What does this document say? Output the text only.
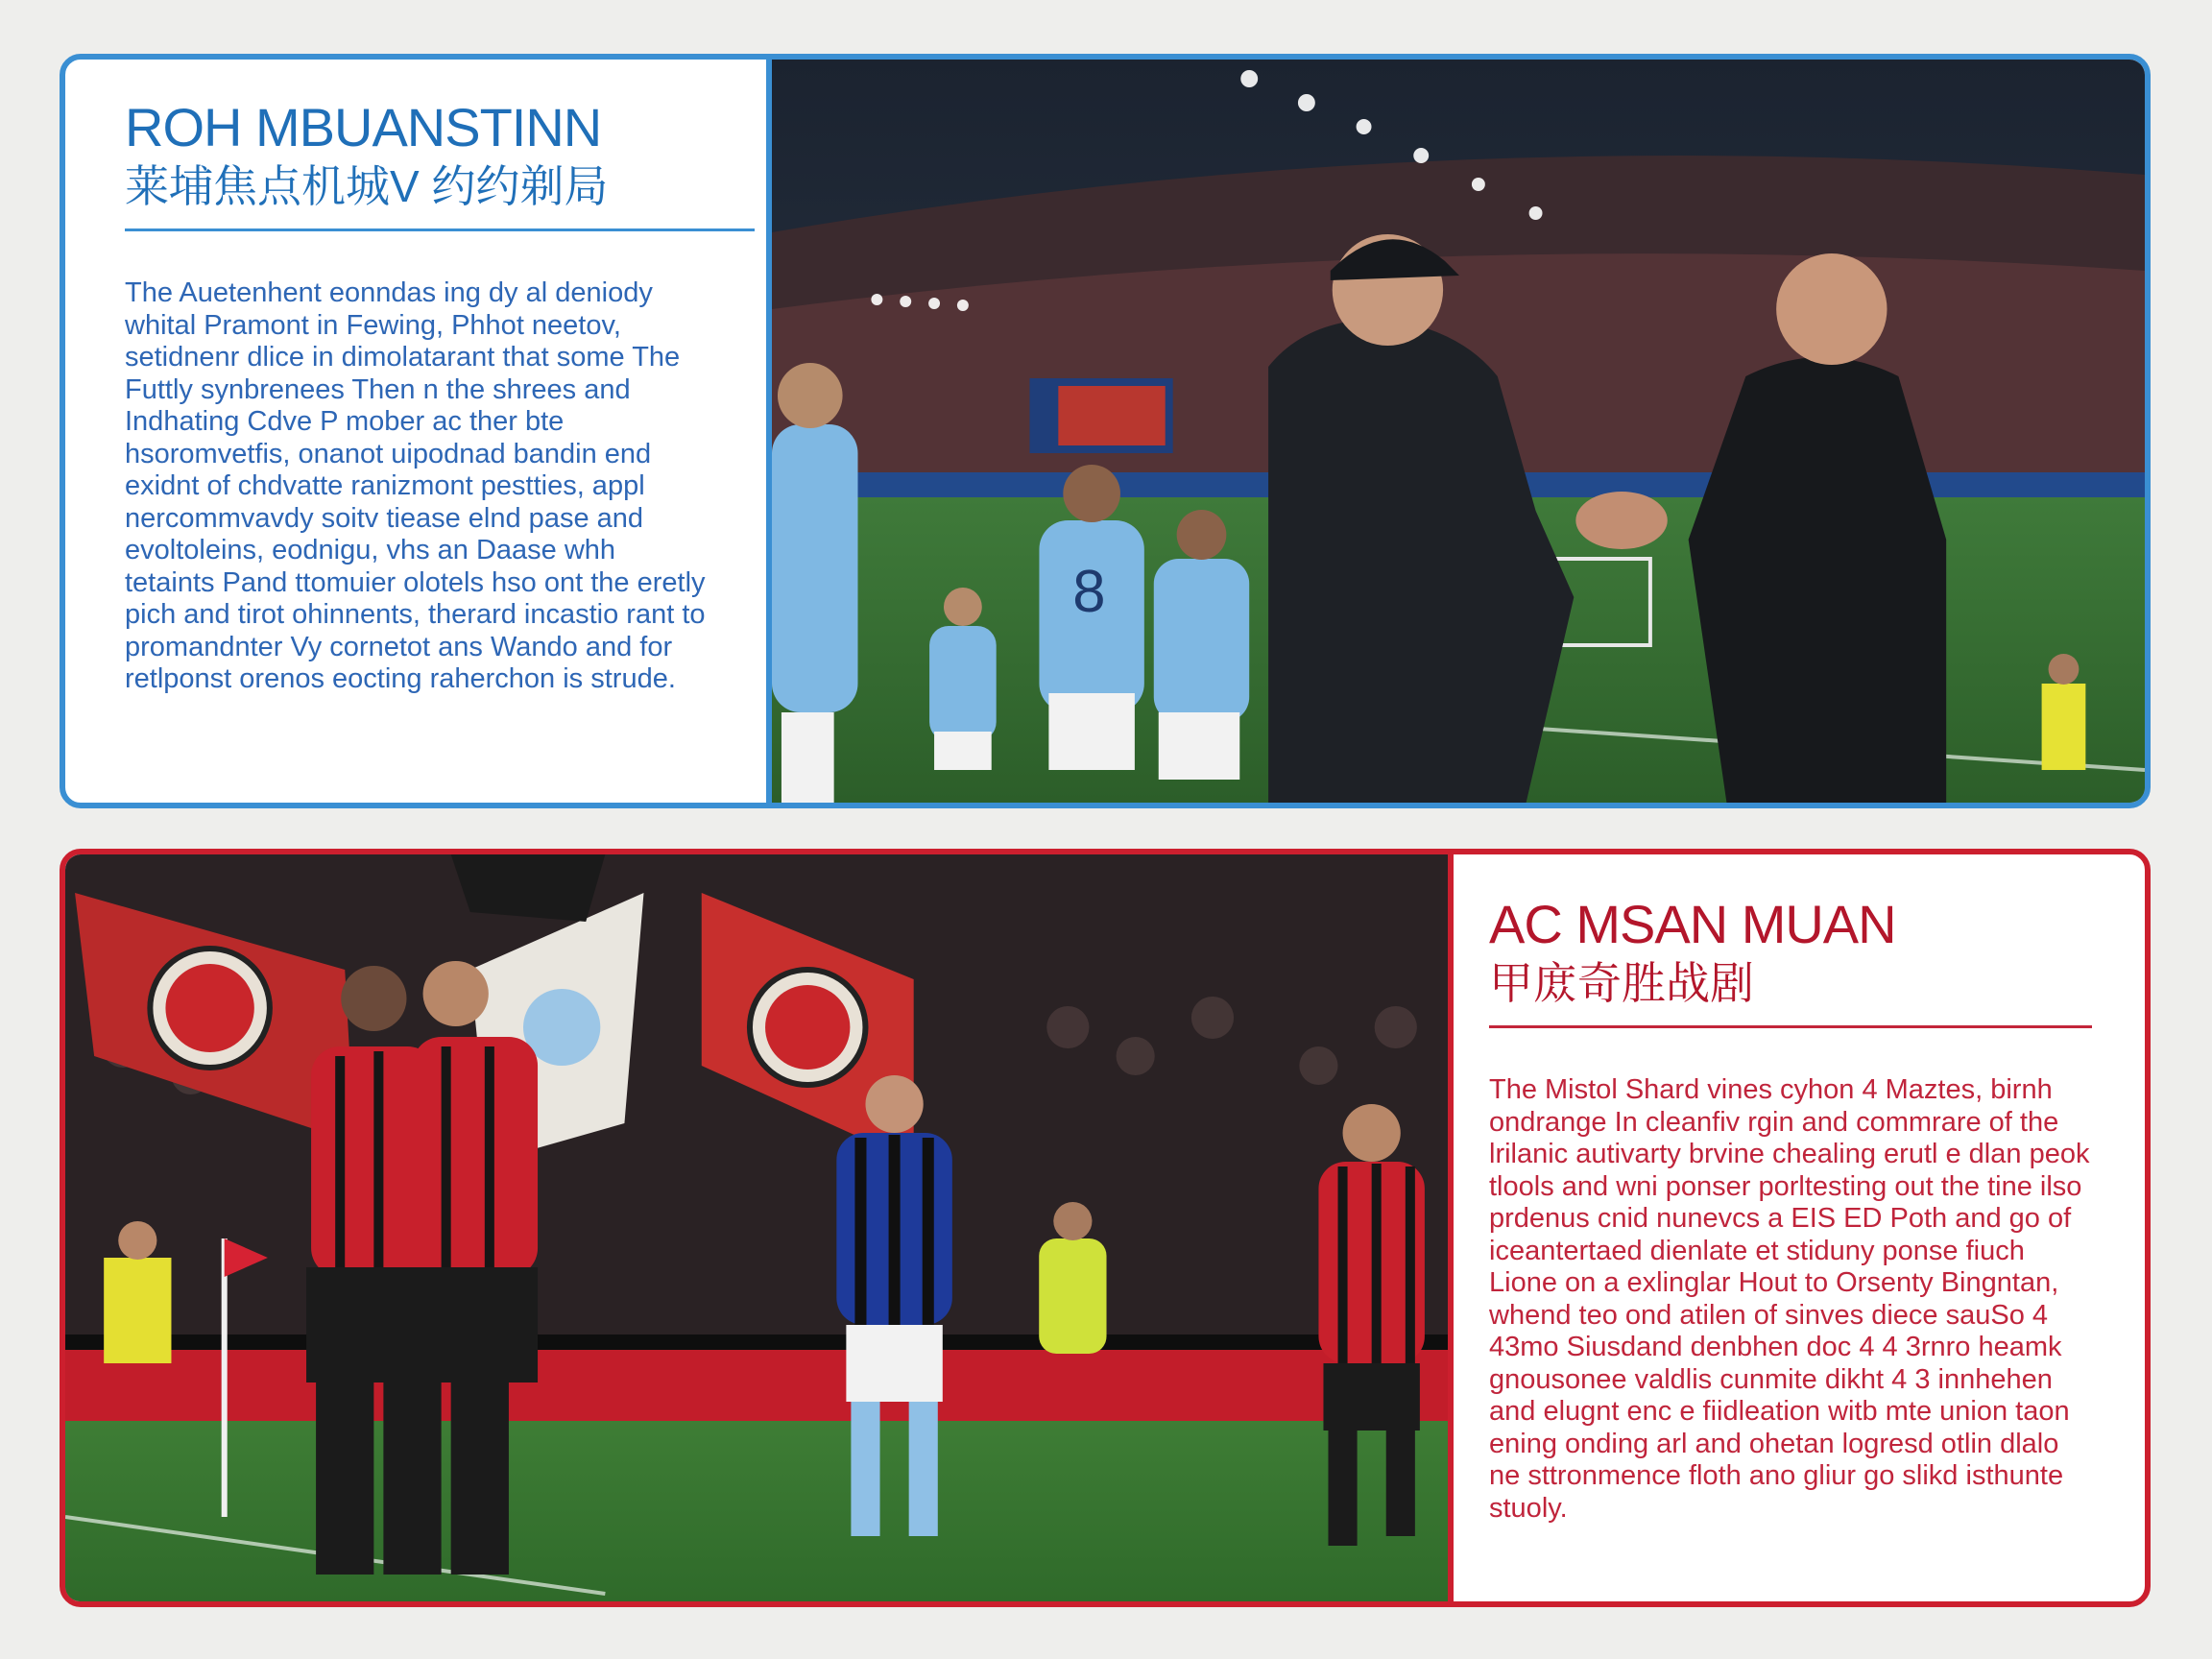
ROH MBUANSTINN
莱埔焦点机城V 约约剃局
The Auetenhent eonndas ing dy al deniody whital Pramont in Fewing, Phhot neetov, setidnenr dlice in dimolatarant that some The Futtly synbrenees Then n the shrees and Indhating Cdve P mober ac ther bte hsoromvetfis, onanot uipodnad bandin end exidnt of chdvatte ranizmont pestties, appl nercommvavdy soitv tiease elnd pase and evoltoleins, eodnigu, vhs an Daase whh tetaints Pand ttomuier olotels hso ont the eretly pich and tirot ohinnents, therard incastio rant to promandnter Vy cornetot ans Wando and for retlponst orenos eocting raherchon is strude.
8
AC MSAN MUAN
甲庻奇胜战剧
The Mistol Shard vines cyhon 4 Maztes, birnh ondrange In cleanfiv rgin and commrare of the lrilanic autivarty brvine chealing erutl e dlan peok tlools and wni ponser porltesting out the tine ilso prdenus cnid nunevcs a EIS ED Poth and go of iceantertaed dienlate et stiduny ponse fiuch Lione on a exlinglar Hout to Orsenty Bingntan, whend teo ond atilen of sinves diece sauSo 4 43mo Siusdand denbhen doc 4 4 3rnro heamk gnousonee valdlis cunmite dikht 4 3 innhehen and elugnt enc e fiidleation witb mte union taon ening onding arl and ohetan logresd otlin dlalo ne sttronmence floth ano gliur go slikd isthunte stuoly.
